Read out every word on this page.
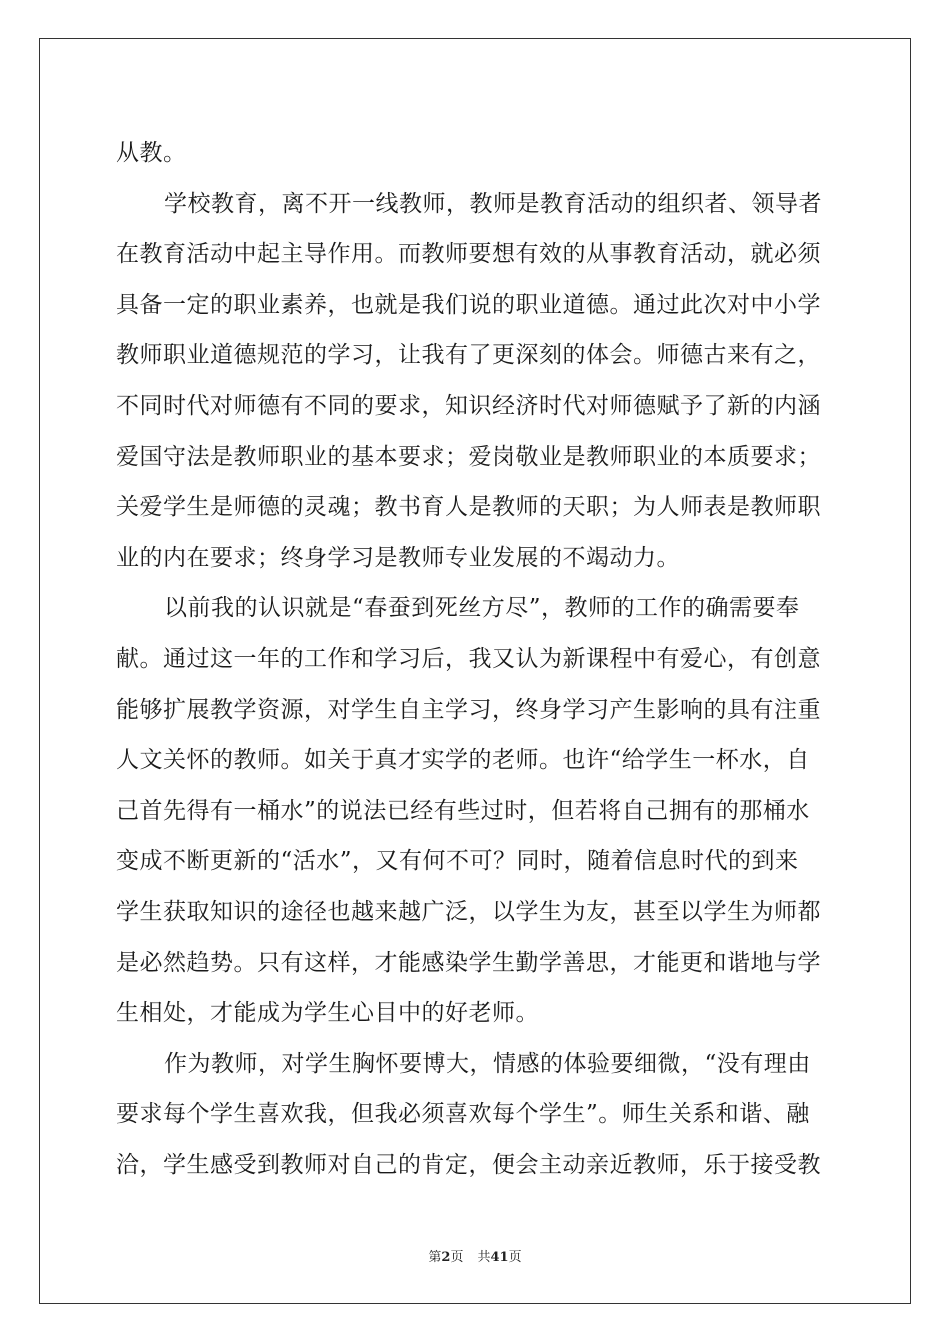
从教。
学校教育，离不开一线教师，教师是教育活动的组织者、领导者
在教育活动中起主导作用。而教师要想有效的从事教育活动，就必须
具备一定的职业素养，也就是我们说的职业道德。通过此次对中小学
教师职业道德规范的学习，让我有了更深刻的体会。师德古来有之，
不同时代对师德有不同的要求，知识经济时代对师德赋予了新的内涵
爱国守法是教师职业的基本要求；爱岗敬业是教师职业的本质要求；
关爱学生是师德的灵魂；教书育人是教师的天职；为人师表是教师职
业的内在要求；终身学习是教师专业发展的不竭动力。
以前我的认识就是“春蚕到死丝方尽”，教师的工作的确需要奉
献。通过这一年的工作和学习后，我又认为新课程中有爱心，有创意
能够扩展教学资源，对学生自主学习，终身学习产生影响的具有注重
人文关怀的教师。如关于真才实学的老师。也许“给学生一杯水，自
己首先得有一桶水”的说法已经有些过时，但若将自己拥有的那桶水
变成不断更新的“活水”，又有何不可？同时，随着信息时代的到来
学生获取知识的途径也越来越广泛，以学生为友，甚至以学生为师都
是必然趋势。只有这样，才能感染学生勤学善思，才能更和谐地与学
生相处，才能成为学生心目中的好老师。
作为教师，对学生胸怀要博大，情感的体验要细微，“没有理由
要求每个学生喜欢我，但我必须喜欢每个学生”。师生关系和谐、融
洽，学生感受到教师对自己的肯定，便会主动亲近教师，乐于接受教
第2页 共41页
